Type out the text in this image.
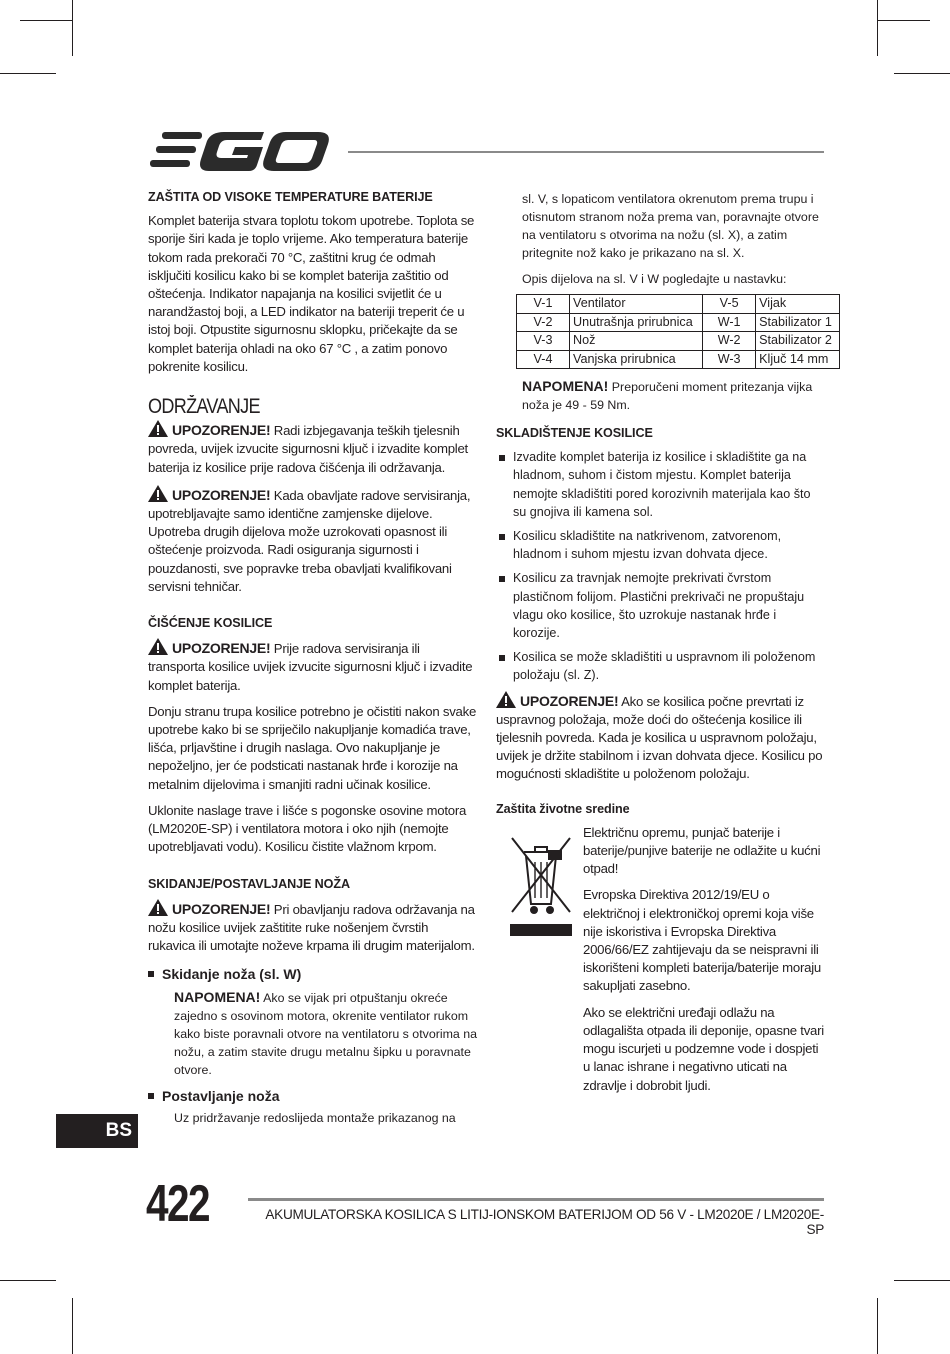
ZAŠTITA OD VISOKE TEMPERATURE BATERIJE

Komplet baterija stvara toplotu tokom upotrebe. Toplota se sporije širi kada je toplo vrijeme. Ako temperatura baterije tokom rada prekorači 70 °C, zaštitni krug će odmah isključiti kosilicu kako bi se komplet baterija zaštitio od oštećenja. Indikator napajanja na kosilici svijetlit će u narandžastoj boji, a LED indikator na bateriji treperit će u istoj boji. Otpustite sigurnosnu sklopku, pričekajte da se komplet baterija ohladi na oko 67 °C , a zatim ponovo pokrenite kosilicu.

ODRŽAVANJE

UPOZORENJE! Radi izbjegavanja teških tjelesnih povreda, uvijek izvucite sigurnosni ključ i izvadite komplet baterija iz kosilice prije radova čišćenja ili održavanja.

UPOZORENJE! Kada obavljate radove servisiranja, upotrebljavajte samo identične zamjenske dijelove. Upotreba drugih dijelova može uzrokovati opasnost ili oštećenje proizvoda. Radi osiguranja sigurnosti i pouzdanosti, sve popravke treba obavljati kvalifikovani servisni tehničar.

ČIŠĆENJE KOSILICE

UPOZORENJE! Prije radova servisiranja ili transporta kosilice uvijek izvucite sigurnosni ključ i izvadite komplet baterija.

Donju stranu trupa kosilice potrebno je očistiti nakon svake upotrebe kako bi se spriječilo nakupljanje komadića trave, lišća, prljavštine i drugih naslaga. Ovo nakupljanje je nepoželjno, jer će podsticati nastanak hrđe i korozije na metalnim dijelovima i smanjiti radni učinak kosilice.

Uklonite naslage trave i lišće s pogonske osovine motora (LM2020E-SP) i ventilatora motora i oko njih (nemojte upotrebljavati vodu). Kosilicu čistite vlažnom krpom.

SKIDANJE/POSTAVLJANJE NOŽA

UPOZORENJE! Pri obavljanju radova održavanja na nožu kosilice uvijek zaštitite ruke nošenjem čvrstih rukavica ili umotajte noževe krpama ili drugim materijalom.

Skidanje noža (sl. W)

NAPOMENA! Ako se vijak pri otpuštanju okreće zajedno s osovinom motora, okrenite ventilator rukom kako biste poravnali otvore na ventilatoru s otvorima na nožu, a zatim stavite drugu metalnu šipku u poravnate otvore.

Postavljanje noža

Uz pridržavanje redoslijeda montaže prikazanog na

sl. V, s lopaticom ventilatora okrenutom prema trupu i otisnutom stranom noža prema van, poravnajte otvore na ventilatoru s otvorima na nožu (sl. X), a zatim pritegnite nož kako je prikazano na sl. X.

Opis dijelova na sl. V i W pogledajte u nastavku:

V-1	Ventilator	V-5	Vijak
V-2	Unutrašnja prirubnica	W-1	Stabilizator 1
V-3	Nož	W-2	Stabilizator 2
V-4	Vanjska prirubnica	W-3	Ključ 14 mm

NAPOMENA! Preporučeni moment pritezanja vijka noža je 49 - 59 Nm.

SKLADIŠTENJE KOSILICE
Izvadite komplet baterija iz kosilice i skladištite ga na hladnom, suhom i čistom mjestu. Komplet baterija nemojte skladištiti pored korozivnih materijala kao što su gnojiva ili kamena sol.
Kosilicu skladištite na natkrivenom, zatvorenom, hladnom i suhom mjestu izvan dohvata djece.
Kosilicu za travnjak nemojte prekrivati čvrstom plastičnom folijom. Plastični prekrivači ne propuštaju vlagu oko kosilice, što uzrokuje nastanak hrđe i korozije.
Kosilica se može skladištiti u uspravnom ili položenom položaju (sl. Z).

UPOZORENJE! Ako se kosilica počne prevrtati iz uspravnog položaja, može doći do oštećenja kosilice ili tjelesnih povreda. Kada je kosilica u uspravnom položaju, uvijek je držite stabilnom i izvan dohvata djece. Kosilicu po mogućnosti skladištite u položenom položaju.

Zaštita životne sredine

Električnu opremu, punjač baterije i baterije/punjive baterije ne odlažite u kućni otpad!

Evropska Direktiva 2012/19/EU o električnoj i elektroničkoj opremi koja više nije iskoristiva i Evropska Direktiva 2006/66/EZ zahtijevaju da se neispravni ili iskorišteni kompleti baterija/baterije moraju sakupljati zasebno.

Ako se električni uređaji odlažu na odlagališta otpada ili deponije, opasne tvari mogu iscurjeti u podzemne vode i dospjeti u lanac ishrane i negativno uticati na zdravlje i dobrobit ljudi.

BS
422	AKUMULATORSKA KOSILICA S LITIJ-IONSKOM BATERIJOM OD 56 V - LM2020E / LM2020E-SP
